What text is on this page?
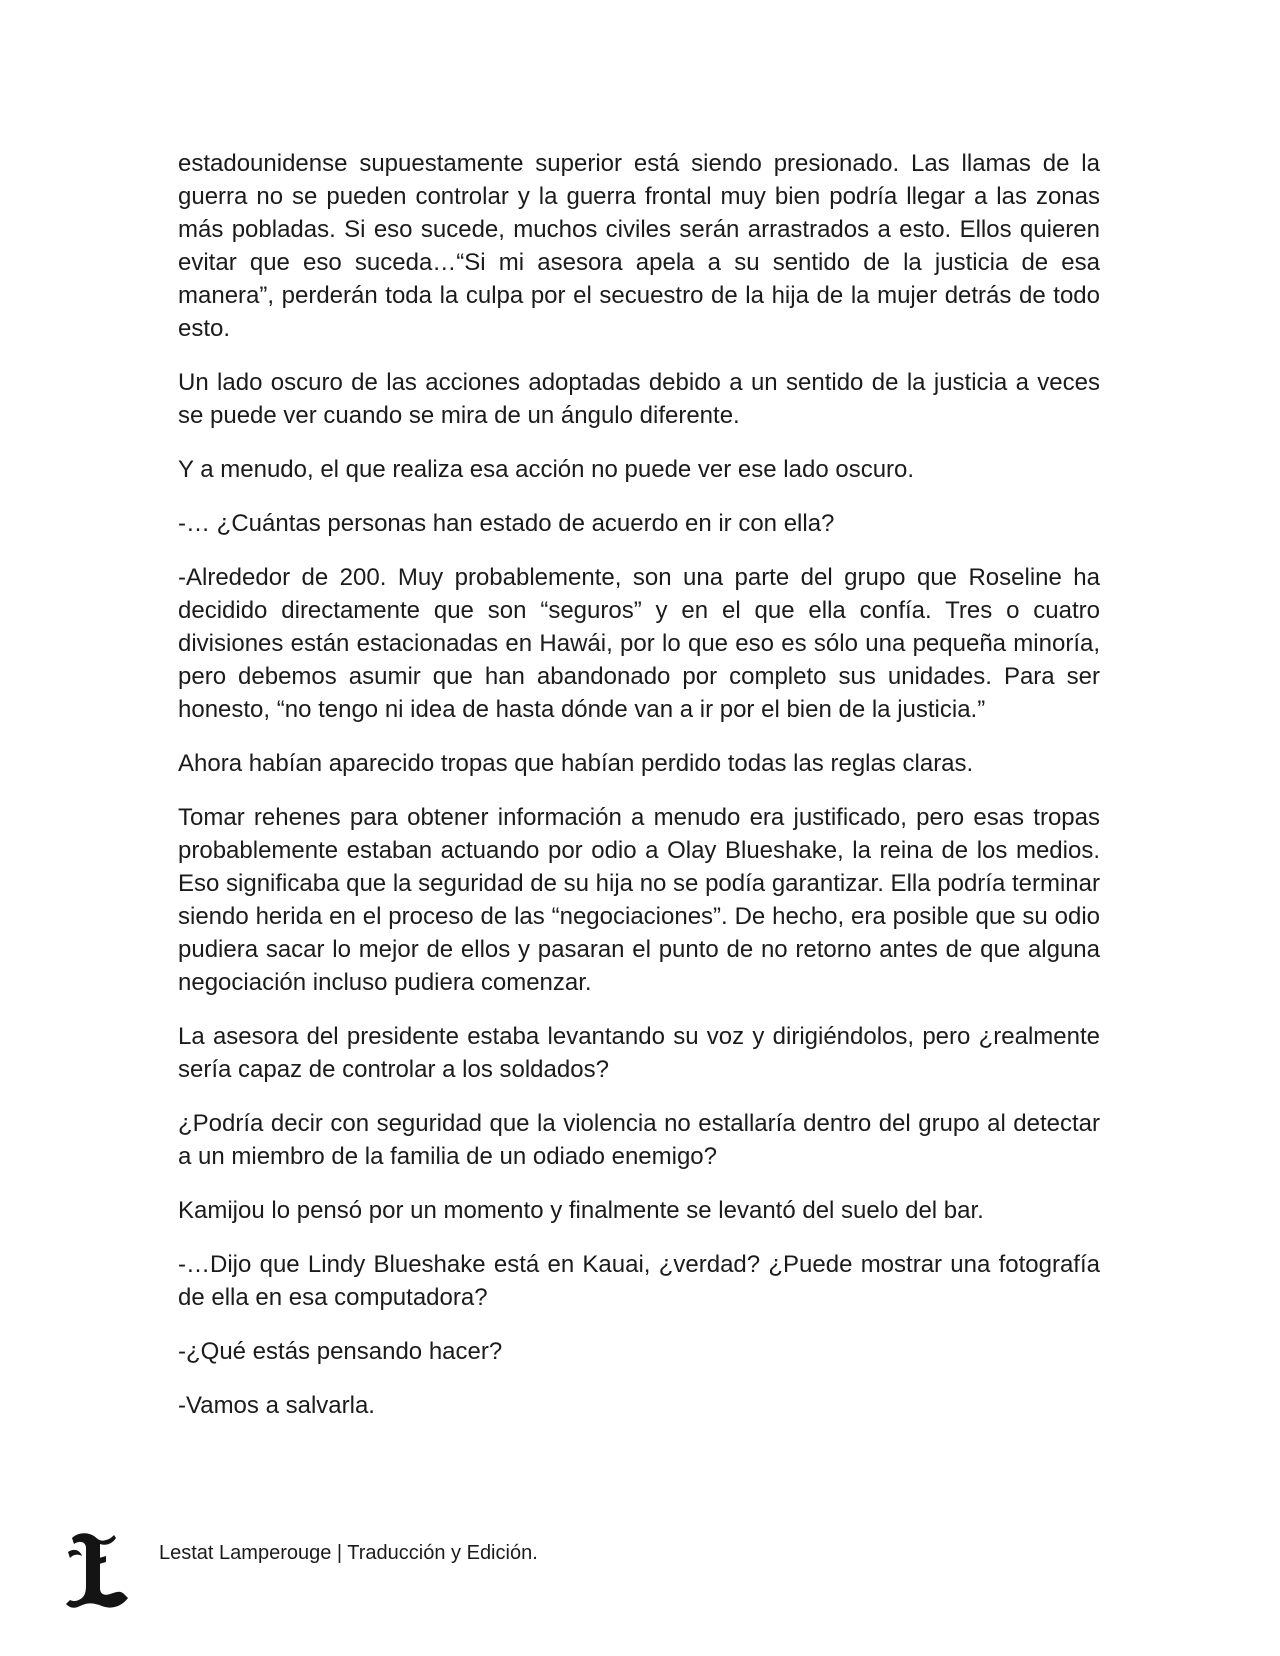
estadounidense supuestamente superior está siendo presionado. Las llamas de la guerra no se pueden controlar y la guerra frontal muy bien podría llegar a las zonas más pobladas. Si eso sucede, muchos civiles serán arrastrados a esto. Ellos quieren evitar que eso suceda…“Si mi asesora apela a su sentido de la justicia de esa manera”, perderán toda la culpa por el secuestro de la hija de la mujer detrás de todo esto.

Un lado oscuro de las acciones adoptadas debido a un sentido de la justicia a veces se puede ver cuando se mira de un ángulo diferente.

Y a menudo, el que realiza esa acción no puede ver ese lado oscuro.

-… ¿Cuántas personas han estado de acuerdo en ir con ella?

-Alrededor de 200. Muy probablemente, son una parte del grupo que Roseline ha decidido directamente que son “seguros” y en el que ella confía. Tres o cuatro divisiones están estacionadas en Hawái, por lo que eso es sólo una pequeña minoría, pero debemos asumir que han abandonado por completo sus unidades. Para ser honesto, “no tengo ni idea de hasta dónde van a ir por el bien de la justicia.”

Ahora habían aparecido tropas que habían perdido todas las reglas claras.

Tomar rehenes para obtener información a menudo era justificado, pero esas tropas probablemente estaban actuando por odio a Olay Blueshake, la reina de los medios. Eso significaba que la seguridad de su hija no se podía garantizar. Ella podría terminar siendo herida en el proceso de las “negociaciones”. De hecho, era posible que su odio pudiera sacar lo mejor de ellos y pasaran el punto de no retorno antes de que alguna negociación incluso pudiera comenzar.

La asesora del presidente estaba levantando su voz y dirigiéndolos, pero ¿realmente sería capaz de controlar a los soldados?

¿Podría decir con seguridad que la violencia no estallaría dentro del grupo al detectar a un miembro de la familia de un odiado enemigo?

Kamijou lo pensó por un momento y finalmente se levantó del suelo del bar.

-…Dijo que Lindy Blueshake está en Kauai, ¿verdad? ¿Puede mostrar una fotografía de ella en esa computadora?

-¿Qué estás pensando hacer?

-Vamos a salvarla.

Lestat Lamperouge | Traducción y Edición.
